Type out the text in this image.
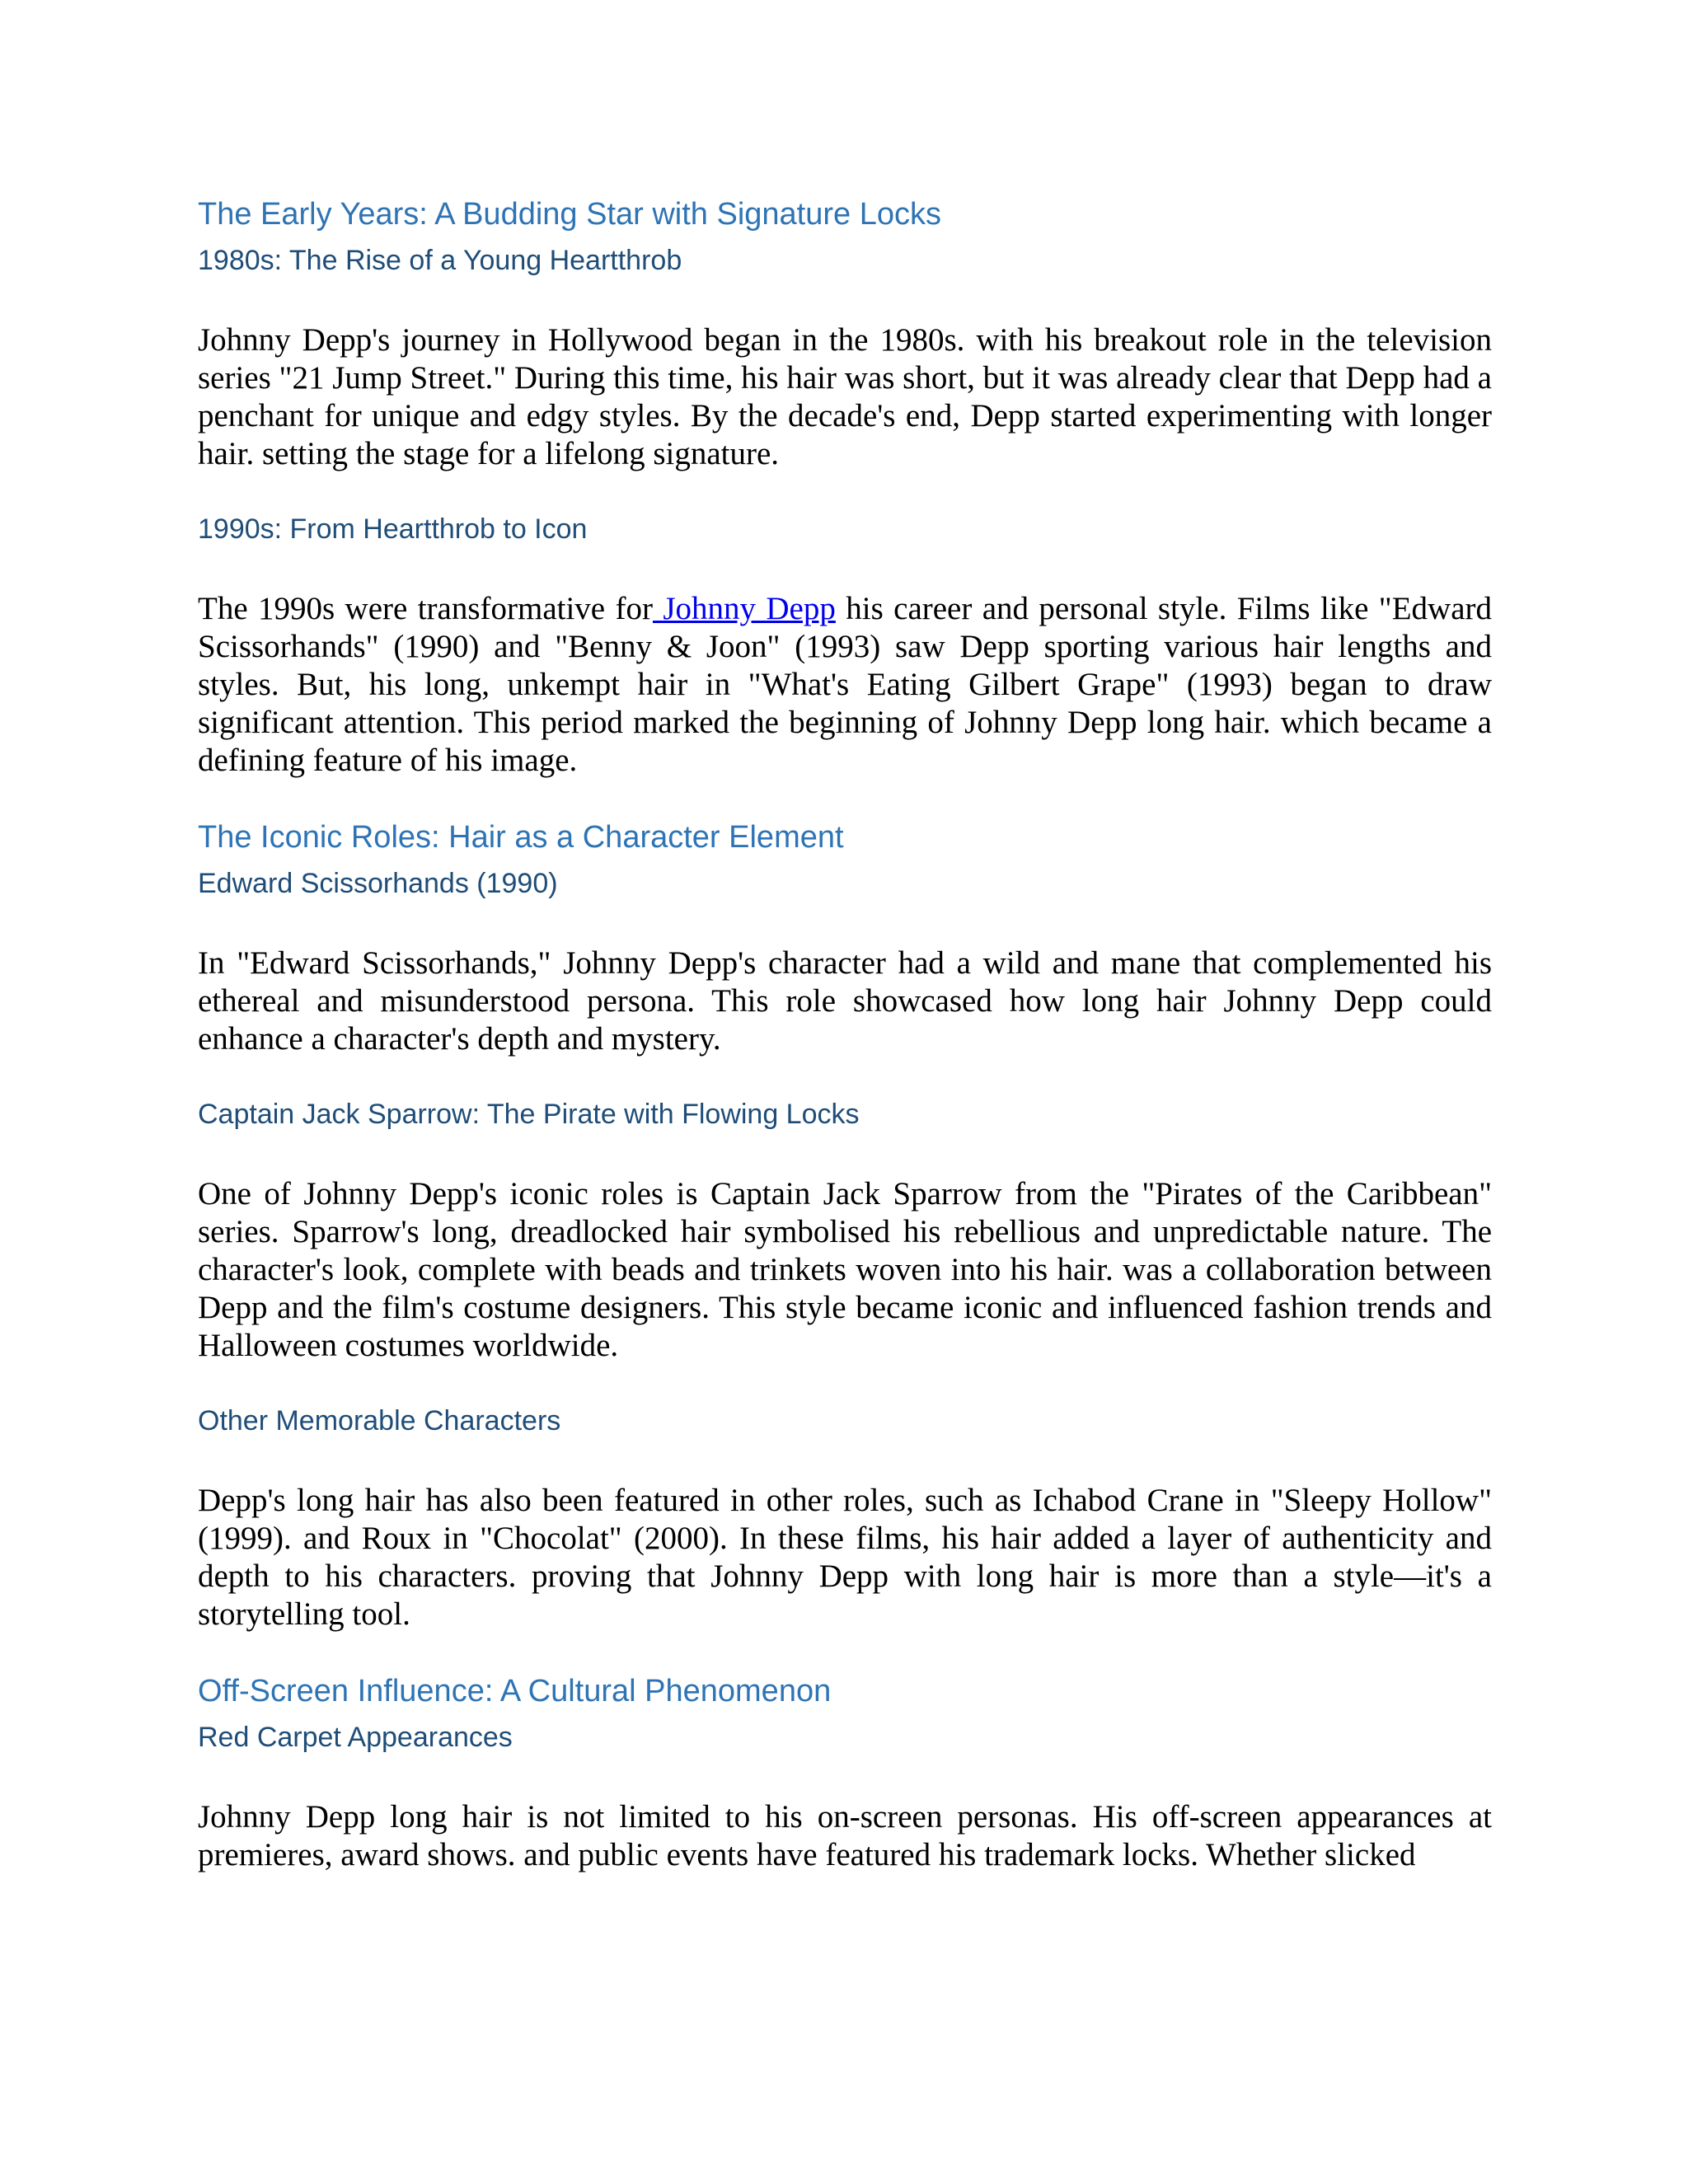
The Early Years: A Budding Star with Signature Locks
1980s: The Rise of a Young Heartthrob

Johnny Depp's journey in Hollywood began in the 1980s. with his breakout role in the television series "21 Jump Street." During this time, his hair was short, but it was already clear that Depp had a penchant for unique and edgy styles. By the decade's end, Depp started experimenting with longer hair. setting the stage for a lifelong signature.

1990s: From Heartthrob to Icon

The 1990s were transformative for Johnny Depp his career and personal style. Films like "Edward Scissorhands" (1990) and "Benny & Joon" (1993) saw Depp sporting various hair lengths and styles. But, his long, unkempt hair in "What's Eating Gilbert Grape" (1993) began to draw significant attention. This period marked the beginning of Johnny Depp long hair. which became a defining feature of his image.

The Iconic Roles: Hair as a Character Element
Edward Scissorhands (1990)

In "Edward Scissorhands," Johnny Depp's character had a wild and mane that complemented his ethereal and misunderstood persona. This role showcased how long hair Johnny Depp could enhance a character's depth and mystery.

Captain Jack Sparrow: The Pirate with Flowing Locks

One of Johnny Depp's iconic roles is Captain Jack Sparrow from the "Pirates of the Caribbean" series. Sparrow's long, dreadlocked hair symbolised his rebellious and unpredictable nature. The character's look, complete with beads and trinkets woven into his hair. was a collaboration between Depp and the film's costume designers. This style became iconic and influenced fashion trends and Halloween costumes worldwide.

Other Memorable Characters

Depp's long hair has also been featured in other roles, such as Ichabod Crane in "Sleepy Hollow" (1999). and Roux in "Chocolat" (2000). In these films, his hair added a layer of authenticity and depth to his characters. proving that Johnny Depp with long hair is more than a style—it's a storytelling tool.

Off-Screen Influence: A Cultural Phenomenon
Red Carpet Appearances

Johnny Depp long hair is not limited to his on-screen personas. His off-screen appearances at premieres, award shows. and public events have featured his trademark locks. Whether slicked
